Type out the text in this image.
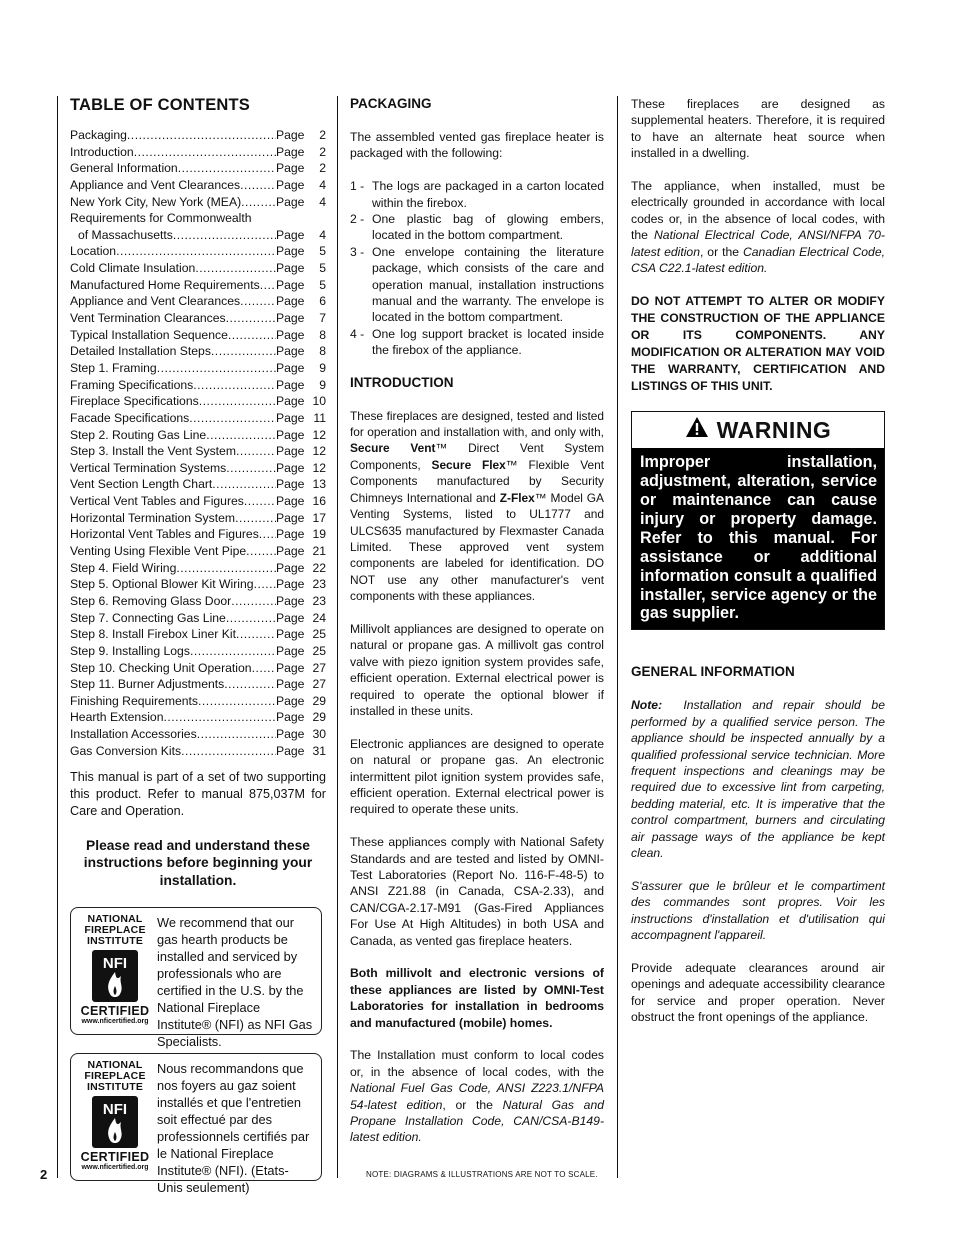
TABLE OF CONTENTS
Packaging .....	Page 2
Introduction .....	Page 2
General Information .....	Page 2
Appliance and Vent Clearances .....	Page 4
New York City, New York (MEA) .....	Page 4
Requirements for Commonwealth
of Massachusetts .....	Page 4
Location .....	Page 5
Cold Climate Insulation .....	Page 5
Manufactured Home Requirements ..... Page 5
Appliance and Vent Clearances .....	Page 6
Vent Termination Clearances .....	Page 7
Typical Installation Sequence .....	Page 8
Detailed Installation Steps .....	Page 8
Step 1. Framing .....	Page 9
Framing Specifications .....	Page 9
Fireplace Specifications .....	Page 10
Facade Specifications .....	Page 11
Step 2. Routing Gas Line .....	Page 12
Step 3. Install the Vent System .....	Page 12
Vertical Termination Systems .....	Page 12
Vent Section Length Chart .....	Page 13
Vertical Vent Tables and Figures .....	Page 16
Horizontal Termination System .....	Page 17
Horizontal Vent Tables and Figures ..... Page 19
Venting Using Flexible Vent Pipe ..... Page 21
Step 4. Field Wiring .....	Page 22
Step 5. Optional Blower Kit Wiring ..... Page 23
Step 6. Removing Glass Door .....	Page 23
Step 7. Connecting Gas Line .....	Page 24
Step 8. Install Firebox Liner Kit .....	Page 25
Step 9. Installing Logs .....	Page 25
Step 10. Checking Unit Operation ..... Page 27
Step 11. Burner Adjustments .....	Page 27
Finishing Requirements .....	Page 29
Hearth Extension .....	Page 29
Installation Accessories .....	Page 30
Gas Conversion Kits .....	Page 31

This manual is part of a set of two supporting this product. Refer to manual 875,037M for Care and Operation.

Please read and understand these instructions before beginning your installation.

NATIONAL FIREPLACE INSTITUTE
NFI
CERTIFIED
www.nficertified.org
We recommend that our gas hearth products be installed and serviced by professionals who are certified in the U.S. by the National Fireplace Institute® (NFI) as NFI Gas Specialists.
NATIONAL FIREPLACE INSTITUTE
NFI
CERTIFIED
www.nficertified.org
Nous recommandons que nos foyers au gaz soient installés et que l'entretien soit effectué par des professionnels certifiés par le National Fireplace Institute® (NFI). (Etats-Unis seulement)
PACKAGING

The assembled vented gas fireplace heater is packaged with the following:

1 - The logs are packaged in a carton located within the firebox.
2 - One plastic bag of glowing embers, located in the bottom compartment.
3 - One envelope containing the literature package, which consists of the care and operation manual, installation instructions manual and the warranty. The envelope is located in the bottom compartment.
4 - One log support bracket is located inside the firebox of the appliance.
INTRODUCTION

These fireplaces are designed, tested and listed for operation and installation with, and only with, Secure Vent™ Direct Vent System Components, Secure Flex™ Flexible Vent Components manufactured by Security Chimneys International and Z-Flex™ Model GA Venting Systems, listed to UL1777 and ULCS635 manufactured by Flexmaster Canada Limited. These approved vent system components are labeled for identification. DO NOT use any other manufacturer's vent components with these appliances.

Millivolt appliances are designed to operate on natural or propane gas. A millivolt gas control valve with piezo ignition system provides safe, efficient operation. External electrical power is required to operate the optional blower if installed in these units.

Electronic appliances are designed to operate on natural or propane gas. An electronic intermittent pilot ignition system provides safe, efficient operation. External electrical power is required to operate these units.

These appliances comply with National Safety Standards and are tested and listed by OMNI-Test Laboratories (Report No. 116-F-48-5) to ANSI Z21.88 (in Canada, CSA-2.33), and CAN/CGA-2.17-M91 (Gas-Fired Appliances For Use At High Altitudes) in both USA and Canada, as vented gas fireplace heaters.

Both millivolt and electronic versions of these appliances are listed by OMNI-Test Laboratories for installation in bedrooms and manufactured (mobile) homes.

The Installation must conform to local codes or, in the absence of local codes, with the National Fuel Gas Code, ANSI Z223.1/NFPA 54-latest edition, or the Natural Gas and Propane Installation Code, CAN/CSA-B149-latest edition.

These fireplaces are designed as supplemental heaters. Therefore, it is required to have an alternate heat source when installed in a dwelling.

The appliance, when installed, must be electrically grounded in accordance with local codes or, in the absence of local codes, with the National Electrical Code, ANSI/NFPA 70-latest edition, or the Canadian Electrical Code, CSA C22.1-latest edition.

DO NOT ATTEMPT TO ALTER OR MODIFY THE CONSTRUCTION OF THE APPLIANCE OR ITS COMPONENTS. ANY MODIFICATION OR ALTERATION MAY VOID THE WARRANTY, CERTIFICATION AND LISTINGS OF THIS UNIT.

WARNING
Improper installation, adjustment, alteration, service or maintenance can cause injury or property damage. Refer to this manual. For assistance or additional information consult a qualified installer, service agency or the gas supplier.
GENERAL INFORMATION

Note: Installation and repair should be performed by a qualified service person. The appliance should be inspected annually by a qualified professional service technician. More frequent inspections and cleanings may be required due to excessive lint from carpeting, bedding material, etc. It is imperative that the control compartment, burners and circulating air passage ways of the appliance be kept clean.

S'assurer que le brûleur et le compartiment des commandes sont propres. Voir les instructions d'installation et d'utilisation qui accompagnent l'appareil.

Provide adequate clearances around air openings and adequate accessibility clearance for service and proper operation. Never obstruct the front openings of the appliance.

2	NOTE: DIAGRAMS & ILLUSTRATIONS ARE NOT TO SCALE.
